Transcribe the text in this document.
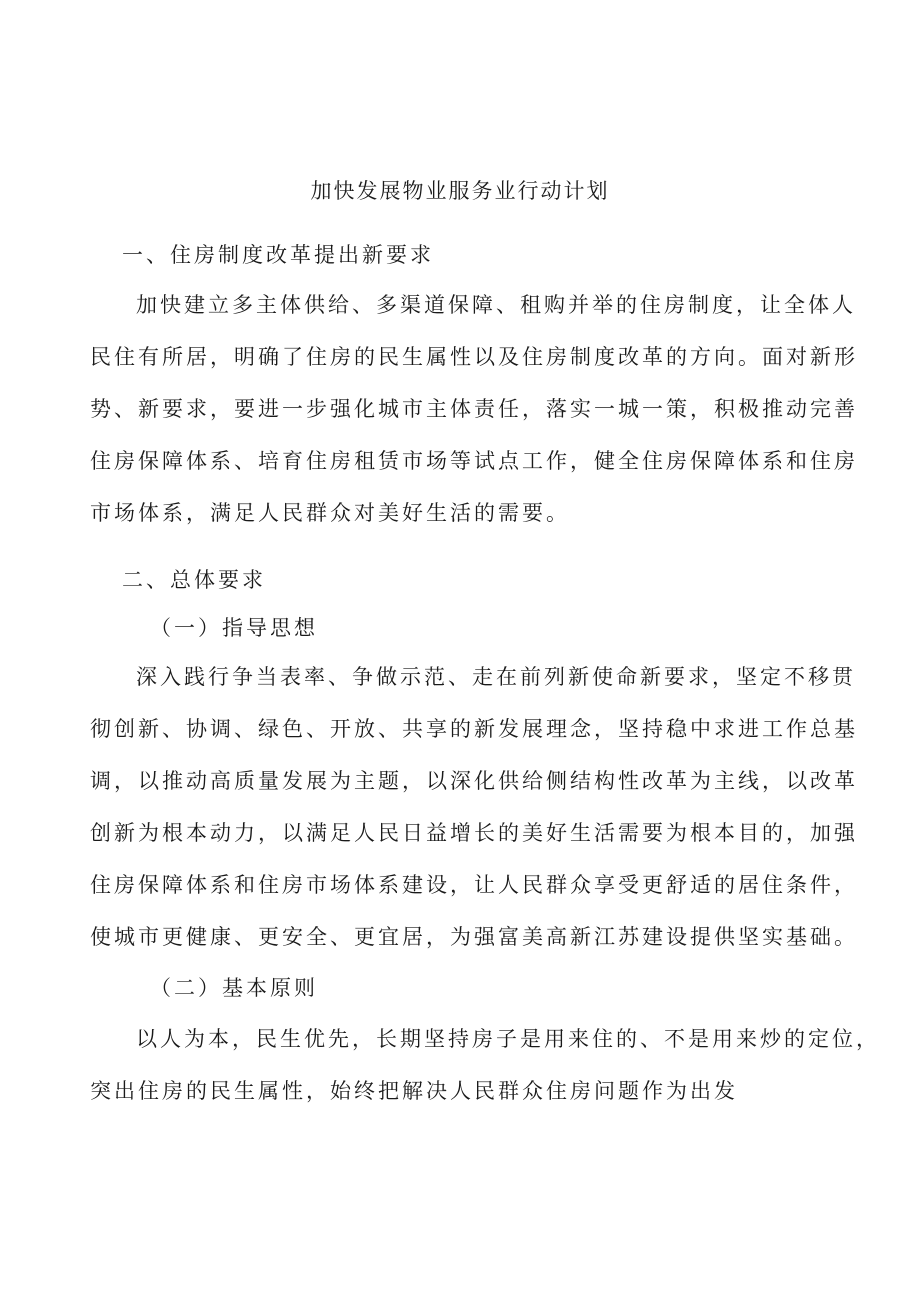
加快发展物业服务业行动计划
一、住房制度改革提出新要求
加快建立多主体供给、多渠道保障、租购并举的住房制度，让全体人
民住有所居，明确了住房的民生属性以及住房制度改革的方向。面对新形
势、新要求，要进一步强化城市主体责任，落实一城一策，积极推动完善
住房保障体系、培育住房租赁市场等试点工作，健全住房保障体系和住房
市场体系，满足人民群众对美好生活的需要。
二、总体要求
（一）指导思想
深入践行争当表率、争做示范、走在前列新使命新要求，坚定不移贯
彻创新、协调、绿色、开放、共享的新发展理念，坚持稳中求进工作总基
调，以推动高质量发展为主题，以深化供给侧结构性改革为主线，以改革
创新为根本动力，以满足人民日益增长的美好生活需要为根本目的，加强
住房保障体系和住房市场体系建设，让人民群众享受更舒适的居住条件，
使城市更健康、更安全、更宜居，为强富美高新江苏建设提供坚实基础。
（二）基本原则
以人为本，民生优先，长期坚持房子是用来住的、不是用来炒的定位，
突出住房的民生属性，始终把解决人民群众住房问题作为出发
